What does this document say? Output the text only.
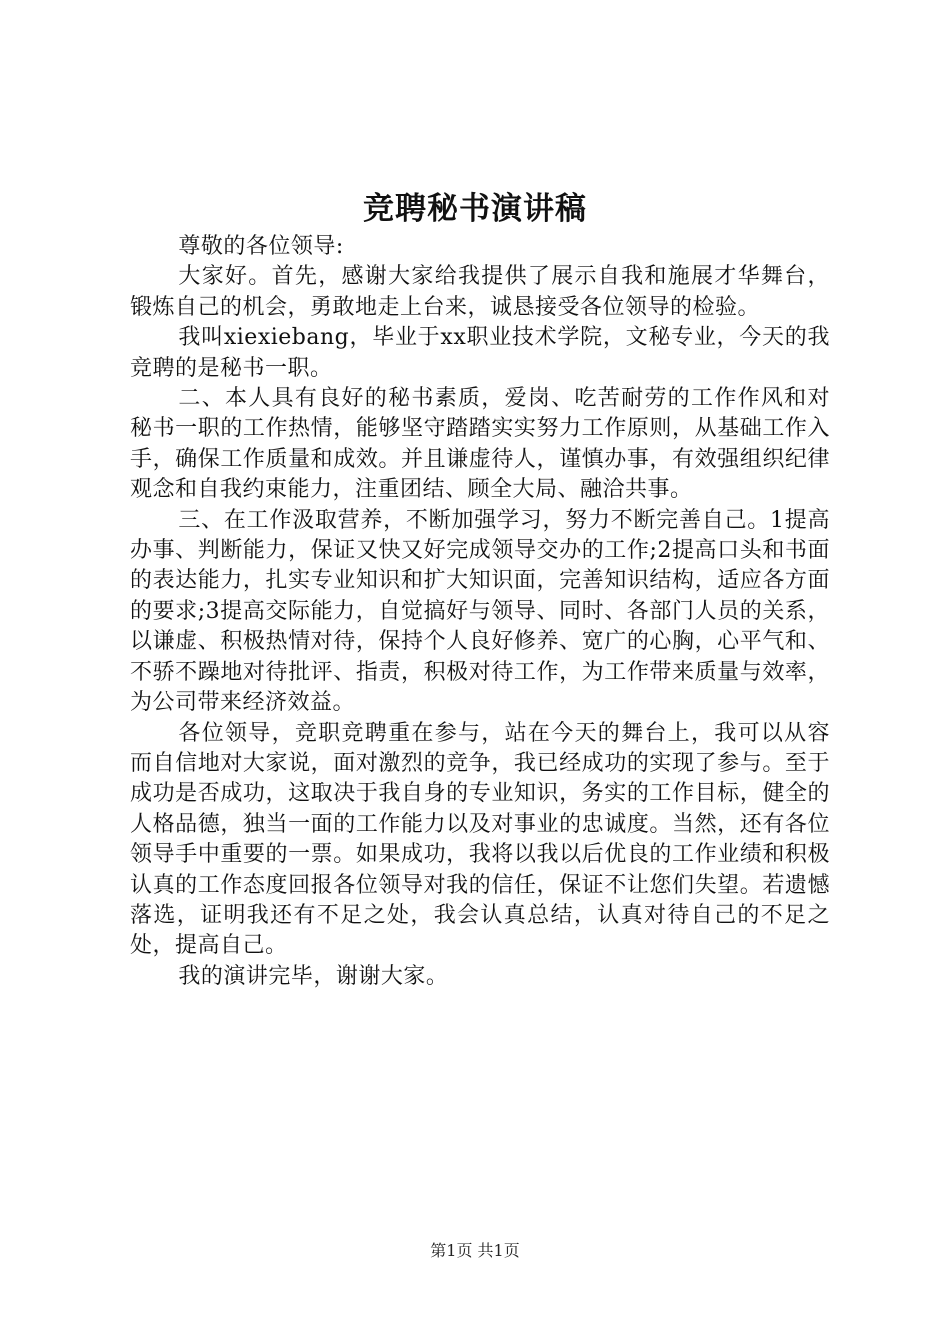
竞聘秘书演讲稿

尊敬的各位领导:

大家好。首先，感谢大家给我提供了展示自我和施展才华舞台，锻炼自己的机会，勇敢地走上台来，诚恳接受各位领导的检验。

我叫xiexiebang，毕业于xx职业技术学院，文秘专业，今天的我竞聘的是秘书一职。

二、本人具有良好的秘书素质，爱岗、吃苦耐劳的工作作风和对秘书一职的工作热情，能够坚守踏踏实实努力工作原则，从基础工作入手，确保工作质量和成效。并且谦虚待人，谨慎办事，有效强组织纪律观念和自我约束能力，注重团结、顾全大局、融洽共事。

三、在工作汲取营养，不断加强学习，努力不断完善自己。1提高办事、判断能力，保证又快又好完成领导交办的工作;2提高口头和书面的表达能力，扎实专业知识和扩大知识面，完善知识结构，适应各方面的要求;3提高交际能力，自觉搞好与领导、同时、各部门人员的关系，以谦虚、积极热情对待，保持个人良好修养、宽广的心胸，心平气和、不骄不躁地对待批评、指责，积极对待工作，为工作带来质量与效率，为公司带来经济效益。

各位领导，竞职竞聘重在参与，站在今天的舞台上，我可以从容而自信地对大家说，面对激烈的竞争，我已经成功的实现了参与。至于成功是否成功，这取决于我自身的专业知识，务实的工作目标，健全的人格品德，独当一面的工作能力以及对事业的忠诚度。当然，还有各位领导手中重要的一票。如果成功，我将以我以后优良的工作业绩和积极认真的工作态度回报各位领导对我的信任，保证不让您们失望。若遗憾落选，证明我还有不足之处，我会认真总结，认真对待自己的不足之处，提高自己。

我的演讲完毕，谢谢大家。

第1页 共1页
